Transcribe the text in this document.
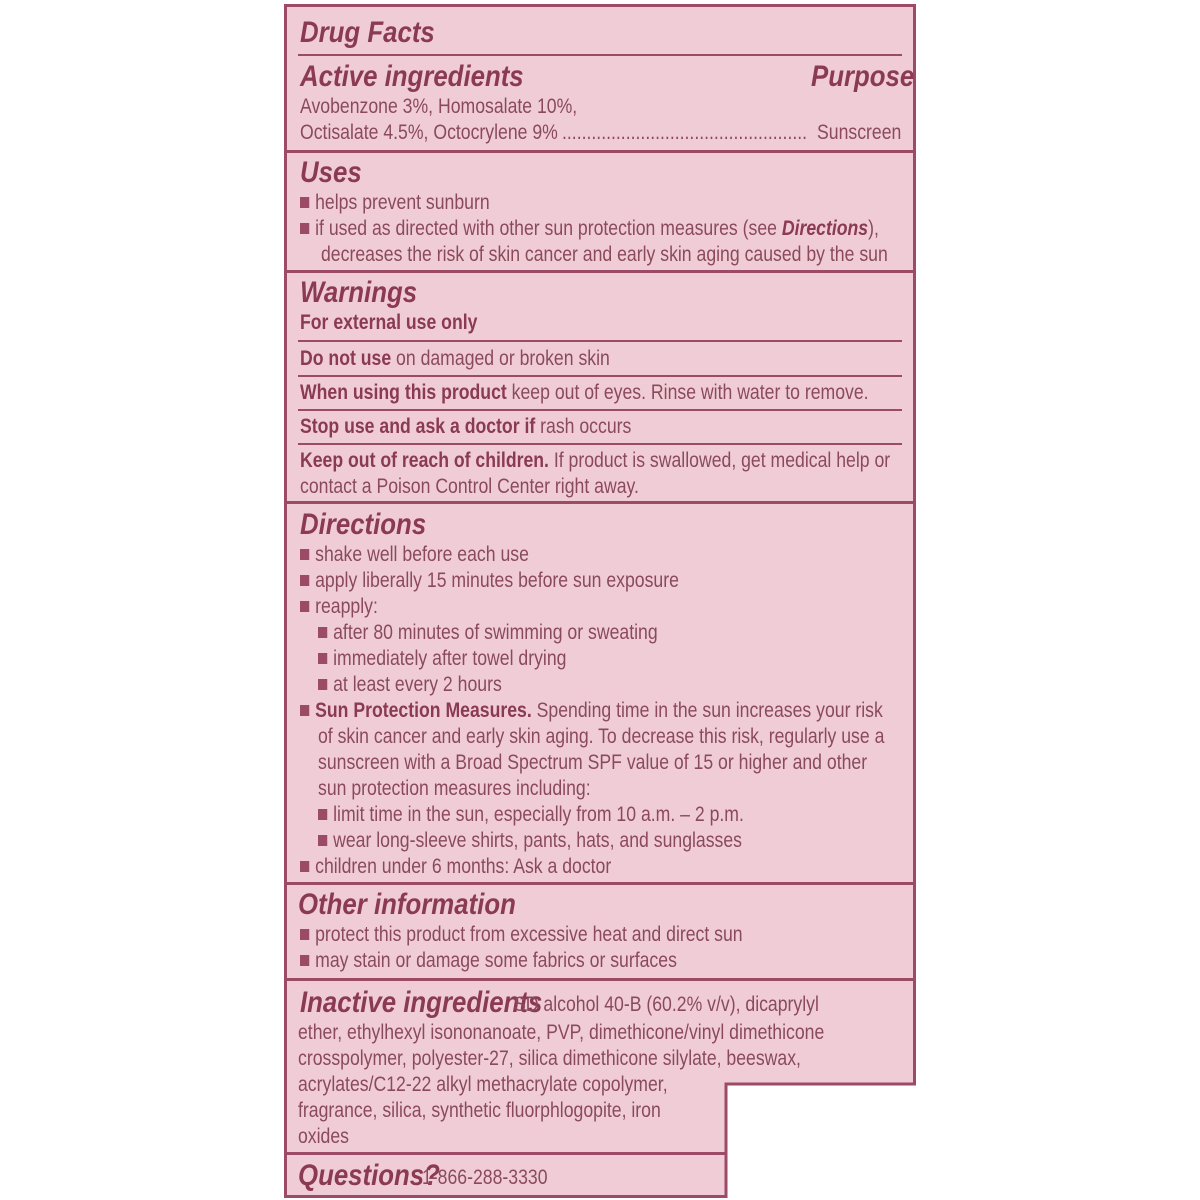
Drug Facts
Active ingredients	Purpose
Avobenzone 3%, Homosalate 10%,
Octisalate 4.5%, Octocrylene 9% .................................................. Sunscreen
Uses
helps prevent sunburn
if used as directed with other sun protection measures (see Directions),
decreases the risk of skin cancer and early skin aging caused by the sun
Warnings
For external use only
Do not use on damaged or broken skin
When using this product keep out of eyes. Rinse with water to remove.
Stop use and ask a doctor if rash occurs
Keep out of reach of children. If product is swallowed, get medical help or
contact a Poison Control Center right away.
Directions
shake well before each use
apply liberally 15 minutes before sun exposure
reapply:
after 80 minutes of swimming or sweating
immediately after towel drying
at least every 2 hours
Sun Protection Measures. Spending time in the sun increases your risk
of skin cancer and early skin aging. To decrease this risk, regularly use a
sunscreen with a Broad Spectrum SPF value of 15 or higher and other
sun protection measures including:
limit time in the sun, especially from 10 a.m. – 2 p.m.
wear long-sleeve shirts, pants, hats, and sunglasses
children under 6 months: Ask a doctor
Other information
protect this product from excessive heat and direct sun
may stain or damage some fabrics or surfaces
Inactive ingredients
SD alcohol 40-B (60.2% v/v), dicaprylyl
ether, ethylhexyl isononanoate, PVP, dimethicone/vinyl dimethicone
crosspolymer, polyester-27, silica dimethicone silylate, beeswax,
acrylates/C12-22 alkyl methacrylate copolymer,
fragrance, silica, synthetic fluorphlogopite, iron
oxides
Questions?
1-866-288-3330
